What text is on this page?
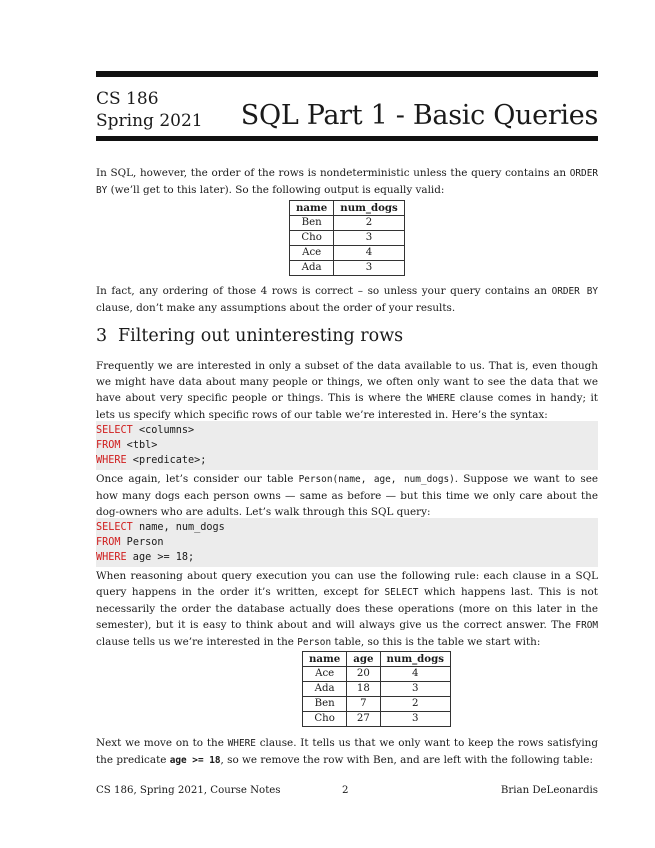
CS 186
Spring 2021 SQL Part 1 - Basic Queries
In SQL, however, the order of the rows is nondeterministic unless the query contains an ORDER BY (we’ll get to this later). So the following output is equally valid:
name	num_dogs
Ben	2
Cho	3
Ace	4
Ada	3
In fact, any ordering of those 4 rows is correct – so unless your query contains an ORDER BY clause, don’t make any assumptions about the order of your results.
3 Filtering out uninteresting rows
Frequently we are interested in only a subset of the data available to us. That is, even though we might have data about many people or things, we often only want to see the data that we have about very specific people or things. This is where the WHERE clause comes in handy; it lets us specify which specific rows of our table we’re interested in. Here’s the syntax:
SELECT <columns>
FROM <tbl>
WHERE <predicate>;
Once again, let’s consider our table Person(name, age, num_dogs). Suppose we want to see how many dogs each person owns — same as before — but this time we only care about the dog-owners who are adults. Let’s walk through this SQL query:
SELECT name, num_dogs
FROM Person
WHERE age >= 18;
When reasoning about query execution you can use the following rule: each clause in a SQL query happens in the order it’s written, except for SELECT which happens last. This is not necessarily the order the database actually does these operations (more on this later in the semester), but it is easy to think about and will always give us the correct answer. The FROM clause tells us we’re interested in the Person table, so this is the table we start with:
name	age	num_dogs
Ace	20	4
Ada	18	3
Ben	7	2
Cho	27	3
Next we move on to the WHERE clause. It tells us that we only want to keep the rows satisfying the predicate age >= 18, so we remove the row with Ben, and are left with the following table:
CS 186, Spring 2021, Course Notes	2	Brian DeLeonardis
